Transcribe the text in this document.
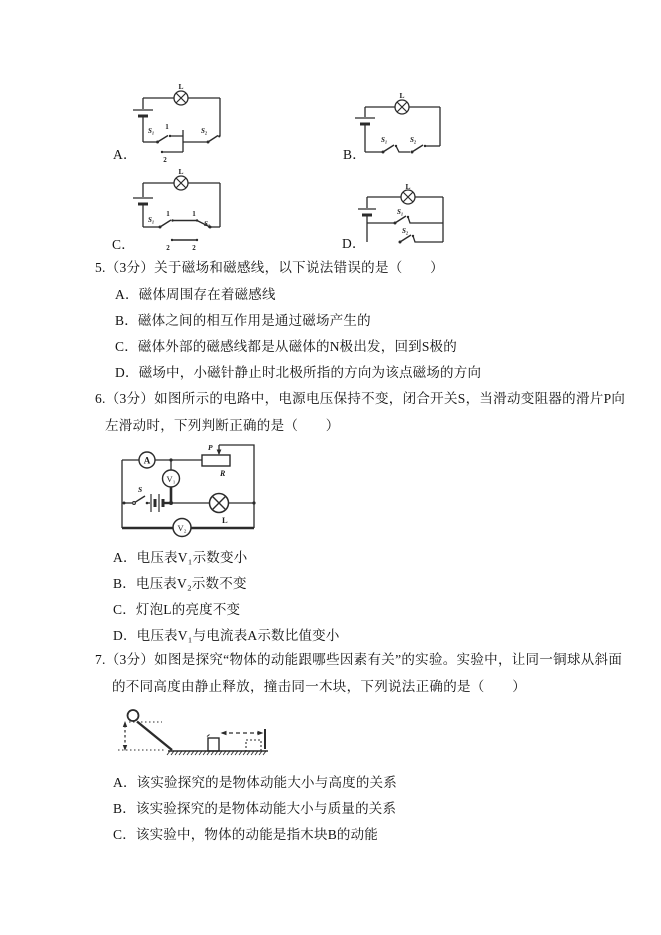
L
S₁ 1
2
S₂
A．
L
S₁	S₂
B．
L
S₁
1
2
1
S₂
2
C．
L
S₁
S₂
D．
5.（3分）关于磁场和磁感线，以下说法错误的是（　　）
A．磁体周围存在着磁感线
B．磁体之间的相互作用是通过磁场产生的
C．磁体外部的磁感线都是从磁体的N极出发，回到S极的
D．磁场中，小磁针静止时北极所指的方向为该点磁场的方向
6.（3分）如图所示的电路中，电源电压保持不变，闭合开关S，当滑动变阻器的滑片P向
左滑动时，下列判断正确的是（　　）
A
R
P
S
V₁
L
V₂
A．电压表V₁示数变小
B．电压表V₂示数不变
C．灯泡L的亮度不变
D．电压表V₁与电流表A示数比值变小
7.（3分）如图是探究“物体的动能跟哪些因素有关”的实验。实验中，让同一铜球从斜面
的不同高度由静止释放，撞击同一木块，下列说法正确的是（　　）
A．该实验探究的是物体动能大小与高度的关系
B．该实验探究的是物体动能大小与质量的关系
C．该实验中，物体的动能是指木块B的动能
